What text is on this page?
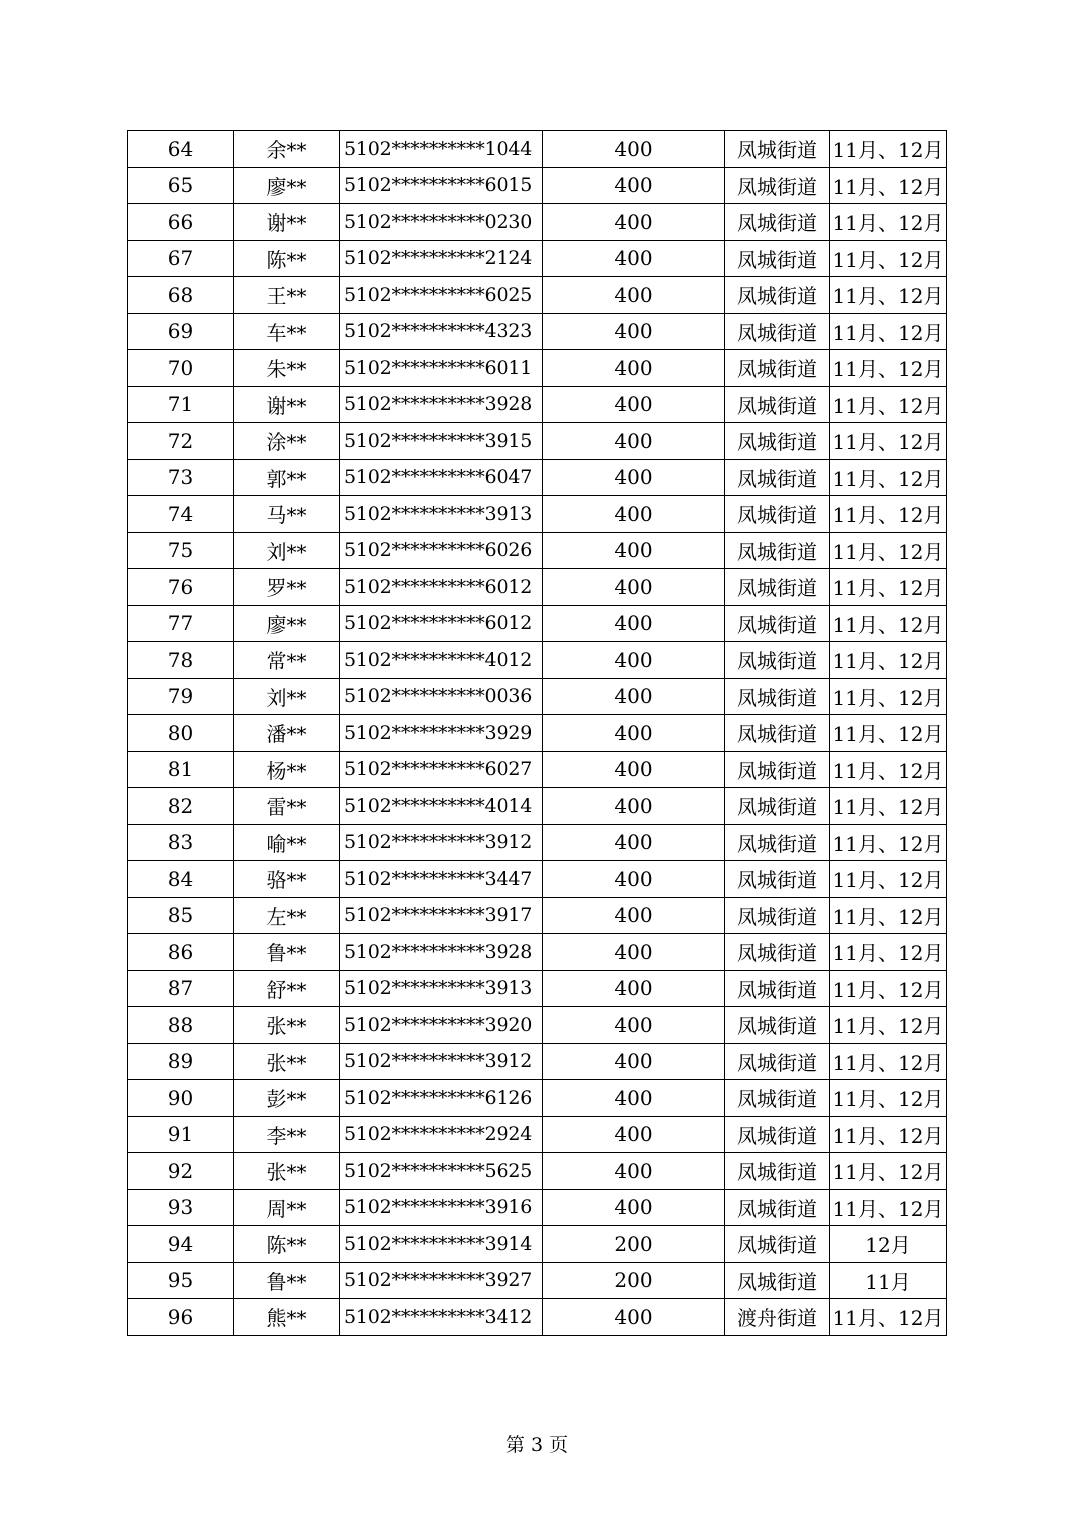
64	余**	5102**********1044	400	凤城街道	11月、12月
65	廖**	5102**********6015	400	凤城街道	11月、12月
66	谢**	5102**********0230	400	凤城街道	11月、12月
67	陈**	5102**********2124	400	凤城街道	11月、12月
68	王**	5102**********6025	400	凤城街道	11月、12月
69	车**	5102**********4323	400	凤城街道	11月、12月
70	朱**	5102**********6011	400	凤城街道	11月、12月
71	谢**	5102**********3928	400	凤城街道	11月、12月
72	涂**	5102**********3915	400	凤城街道	11月、12月
73	郭**	5102**********6047	400	凤城街道	11月、12月
74	马**	5102**********3913	400	凤城街道	11月、12月
75	刘**	5102**********6026	400	凤城街道	11月、12月
76	罗**	5102**********6012	400	凤城街道	11月、12月
77	廖**	5102**********6012	400	凤城街道	11月、12月
78	常**	5102**********4012	400	凤城街道	11月、12月
79	刘**	5102**********0036	400	凤城街道	11月、12月
80	潘**	5102**********3929	400	凤城街道	11月、12月
81	杨**	5102**********6027	400	凤城街道	11月、12月
82	雷**	5102**********4014	400	凤城街道	11月、12月
83	喻**	5102**********3912	400	凤城街道	11月、12月
84	骆**	5102**********3447	400	凤城街道	11月、12月
85	左**	5102**********3917	400	凤城街道	11月、12月
86	鲁**	5102**********3928	400	凤城街道	11月、12月
87	舒**	5102**********3913	400	凤城街道	11月、12月
88	张**	5102**********3920	400	凤城街道	11月、12月
89	张**	5102**********3912	400	凤城街道	11月、12月
90	彭**	5102**********6126	400	凤城街道	11月、12月
91	李**	5102**********2924	400	凤城街道	11月、12月
92	张**	5102**********5625	400	凤城街道	11月、12月
93	周**	5102**********3916	400	凤城街道	11月、12月
94	陈**	5102**********3914	200	凤城街道	12月
95	鲁**	5102**********3927	200	凤城街道	11月
96	熊**	5102**********3412	400	渡舟街道	11月、12月
第 3 页
